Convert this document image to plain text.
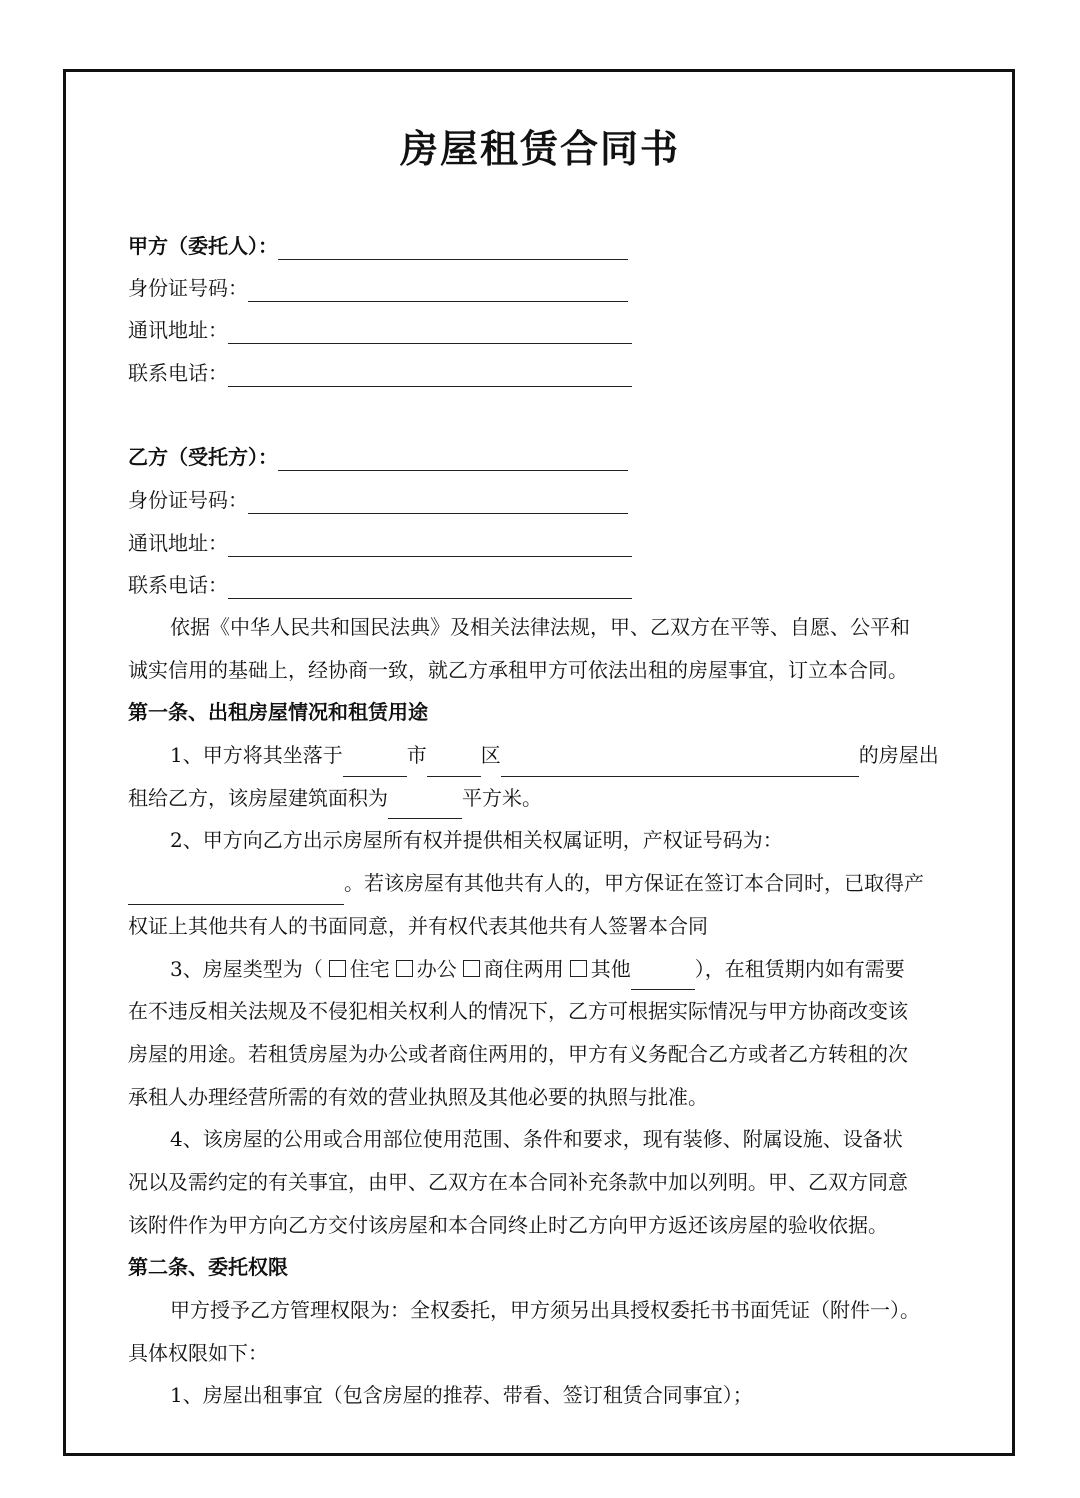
房屋租赁合同书
甲方（委托人）：
身份证号码：
通讯地址：
联系电话：
乙方（受托方）：
身份证号码：
通讯地址：
联系电话：
依据《中华人民共和国民法典》及相关法律法规，甲、乙双方在平等、自愿、公平和
诚实信用的基础上，经协商一致，就乙方承租甲方可依法出租的房屋事宜，订立本合同。
第一条、出租房屋情况和租赁用途
1、甲方将其坐落于	市	区	的房屋出
租给乙方，该房屋建筑面积为	平方米。
2、甲方向乙方出示房屋所有权并提供相关权属证明，产权证号码为：
。若该房屋有其他共有人的，甲方保证在签订本合同时，已取得产
权证上其他共有人的书面同意，并有权代表其他共有人签署本合同
3、房屋类型为（ 住宅 办公 商住两用 其他	），在租赁期内如有需要
在不违反相关法规及不侵犯相关权利人的情况下，乙方可根据实际情况与甲方协商改变该
房屋的用途。若租赁房屋为办公或者商住两用的，甲方有义务配合乙方或者乙方转租的次
承租人办理经营所需的有效的营业执照及其他必要的执照与批准。
4、该房屋的公用或合用部位使用范围、条件和要求，现有装修、附属设施、设备状
况以及需约定的有关事宜，由甲、乙双方在本合同补充条款中加以列明。甲、乙双方同意
该附件作为甲方向乙方交付该房屋和本合同终止时乙方向甲方返还该房屋的验收依据。
第二条、委托权限
甲方授予乙方管理权限为：全权委托，甲方须另出具授权委托书书面凭证（附件一）。
具体权限如下：
1、房屋出租事宜（包含房屋的推荐、带看、签订租赁合同事宜）；
